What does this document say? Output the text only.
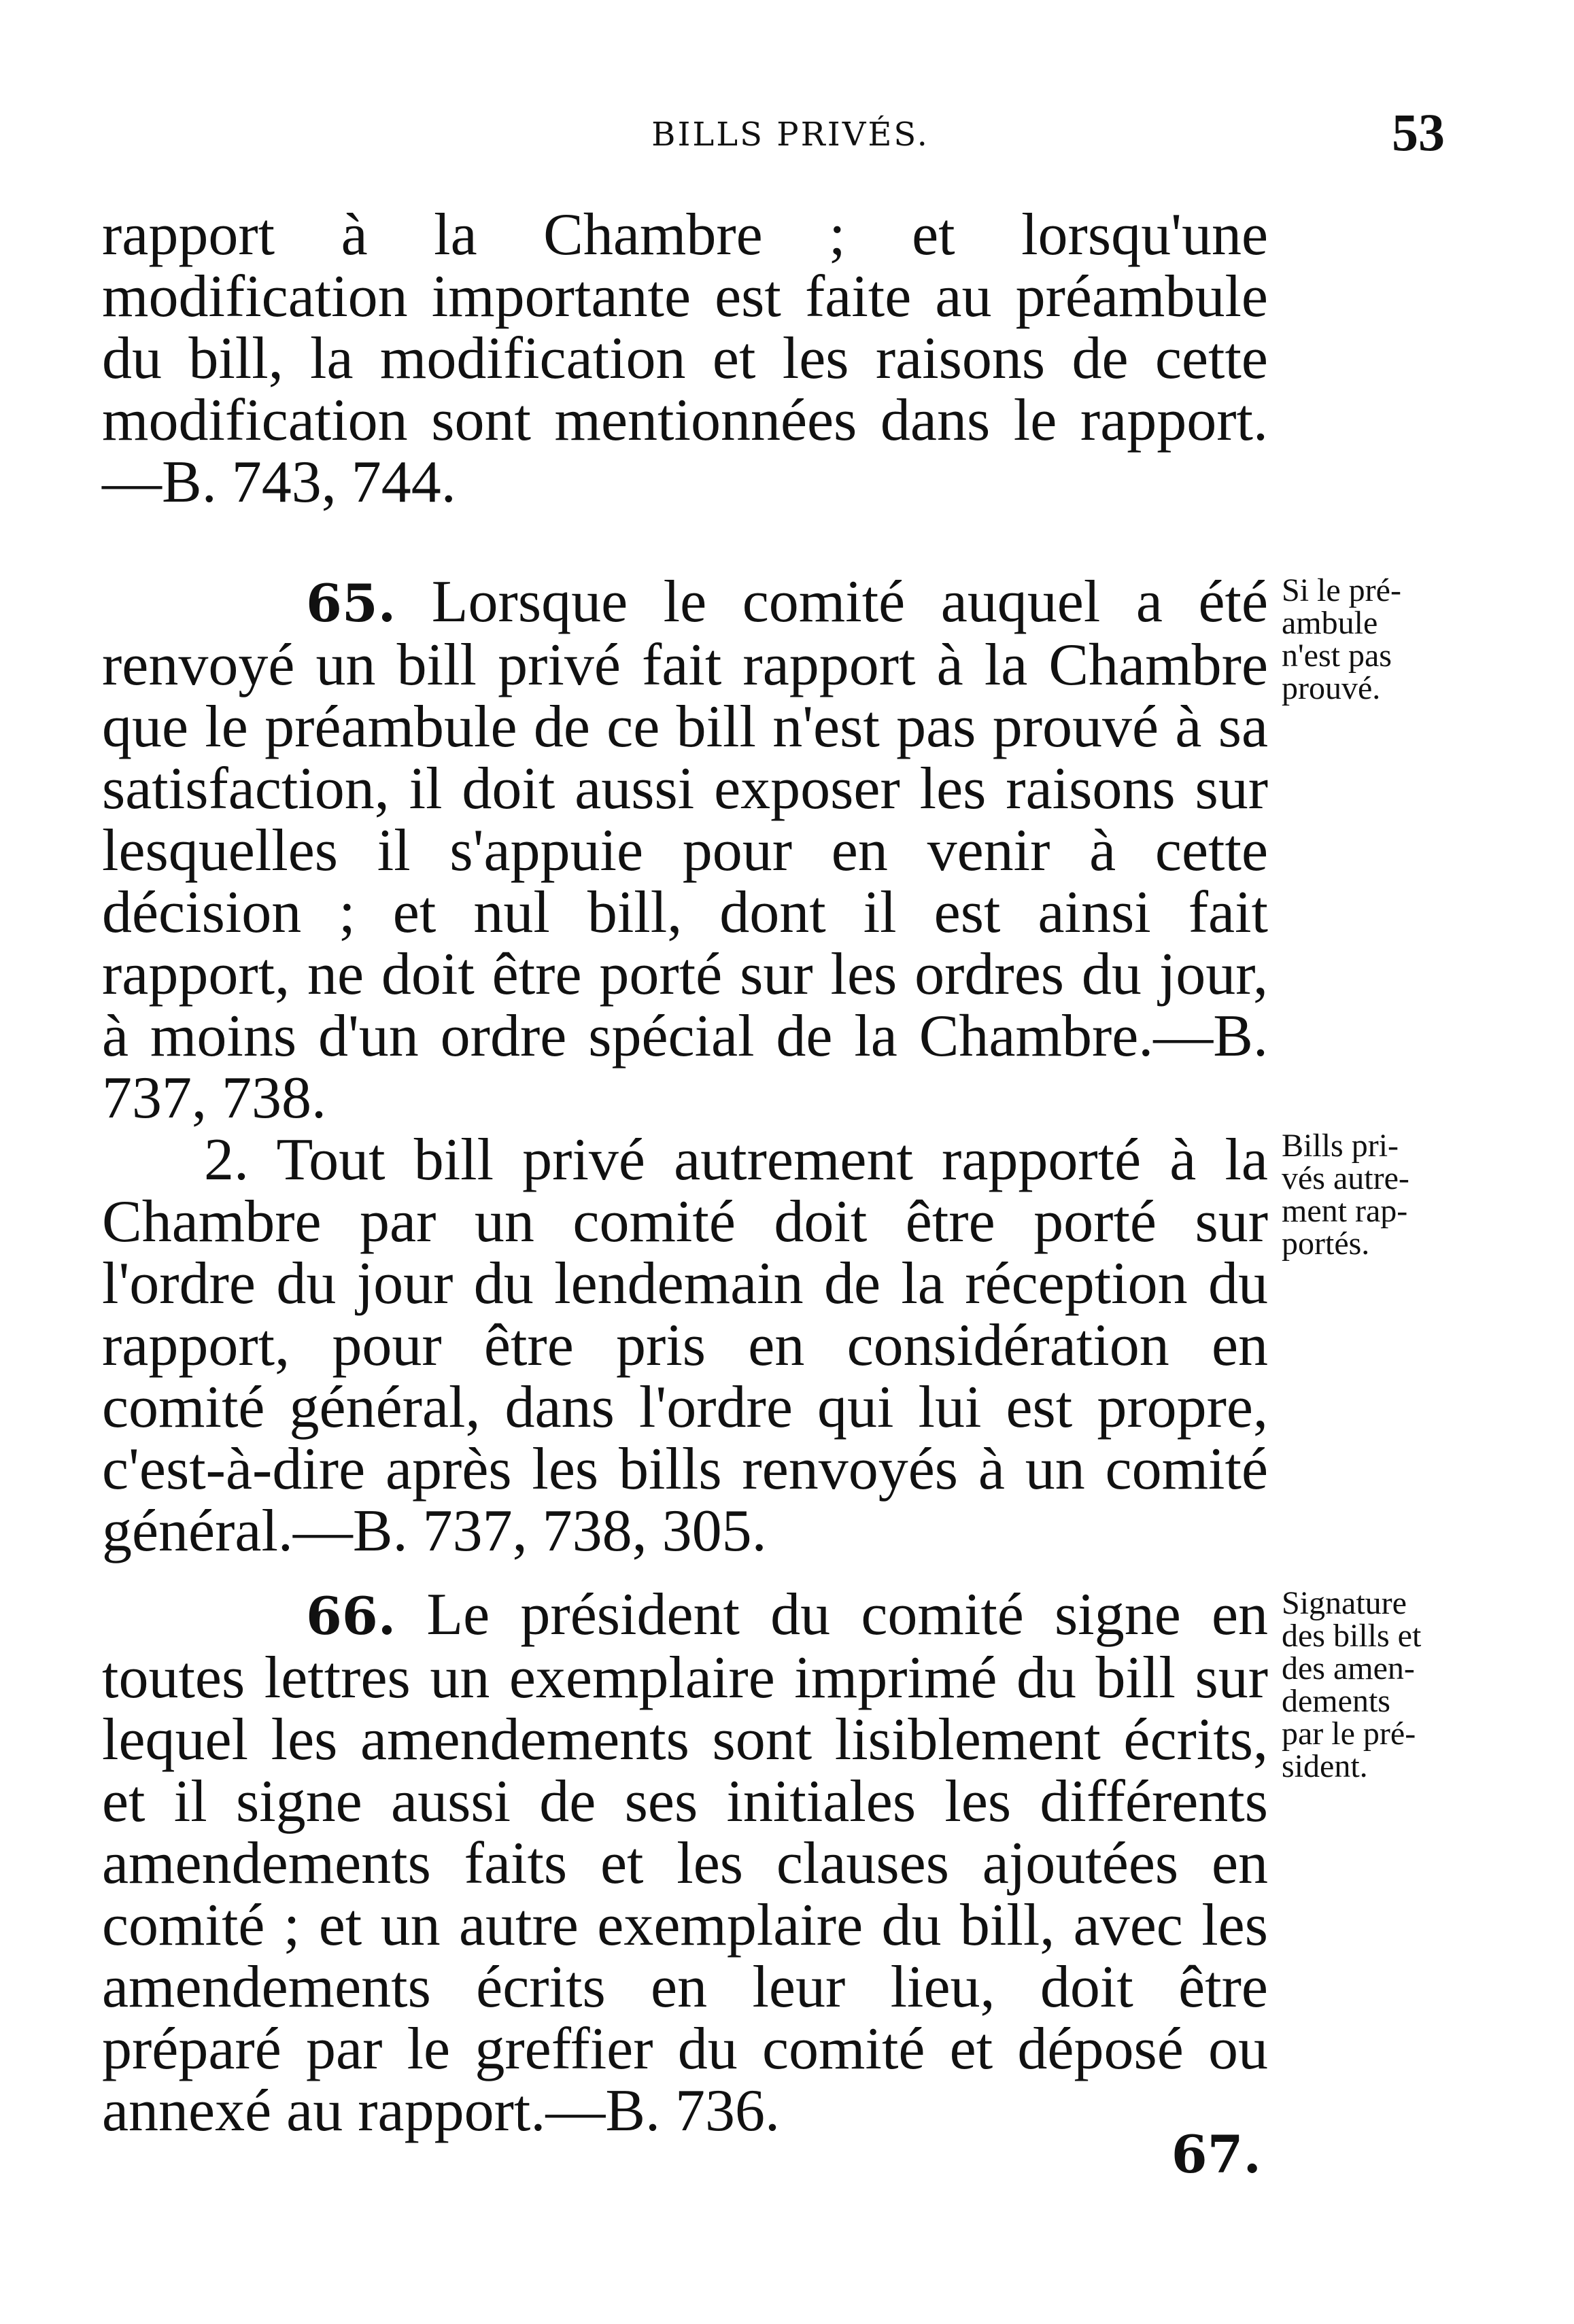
BILLS PRIVÉS.	53

rapport à la Chambre ; et lorsqu'une modification importante est faite au préambule du bill, la modification et les raisons de cette modification sont mentionnées dans le rapport.—B. 743, 744.

65. Lorsque le comité auquel a été renvoyé un bill privé fait rapport à la Chambre que le préambule de ce bill n'est pas prouvé à sa satisfaction, il doit aussi exposer les raisons sur lesquelles il s'appuie pour en venir à cette décision ; et nul bill, dont il est ainsi fait rapport, ne doit être porté sur les ordres du jour, à moins d'un ordre spécial de la Chambre.—B. 737, 738.

2. Tout bill privé autrement rapporté à la Chambre par un comité doit être porté sur l'ordre du jour du lendemain de la réception du rapport, pour être pris en considération en comité général, dans l'ordre qui lui est propre, c'est-à-dire après les bills renvoyés à un comité général.—B. 737, 738, 305.

66. Le président du comité signe en toutes lettres un exemplaire imprimé du bill sur lequel les amendements sont lisiblement écrits, et il signe aussi de ses initiales les différents amendements faits et les clauses ajoutées en comité ; et un autre exemplaire du bill, avec les amendements écrits en leur lieu, doit être préparé par le greffier du comité et déposé ou annexé au rapport.—B. 736.

Si le pré-
ambule
n'est pas
prouvé.
Bills pri-
vés autre-
ment rap-
portés.
Signature
des bills et
des amen-
dements
par le pré-
sident.
67.
